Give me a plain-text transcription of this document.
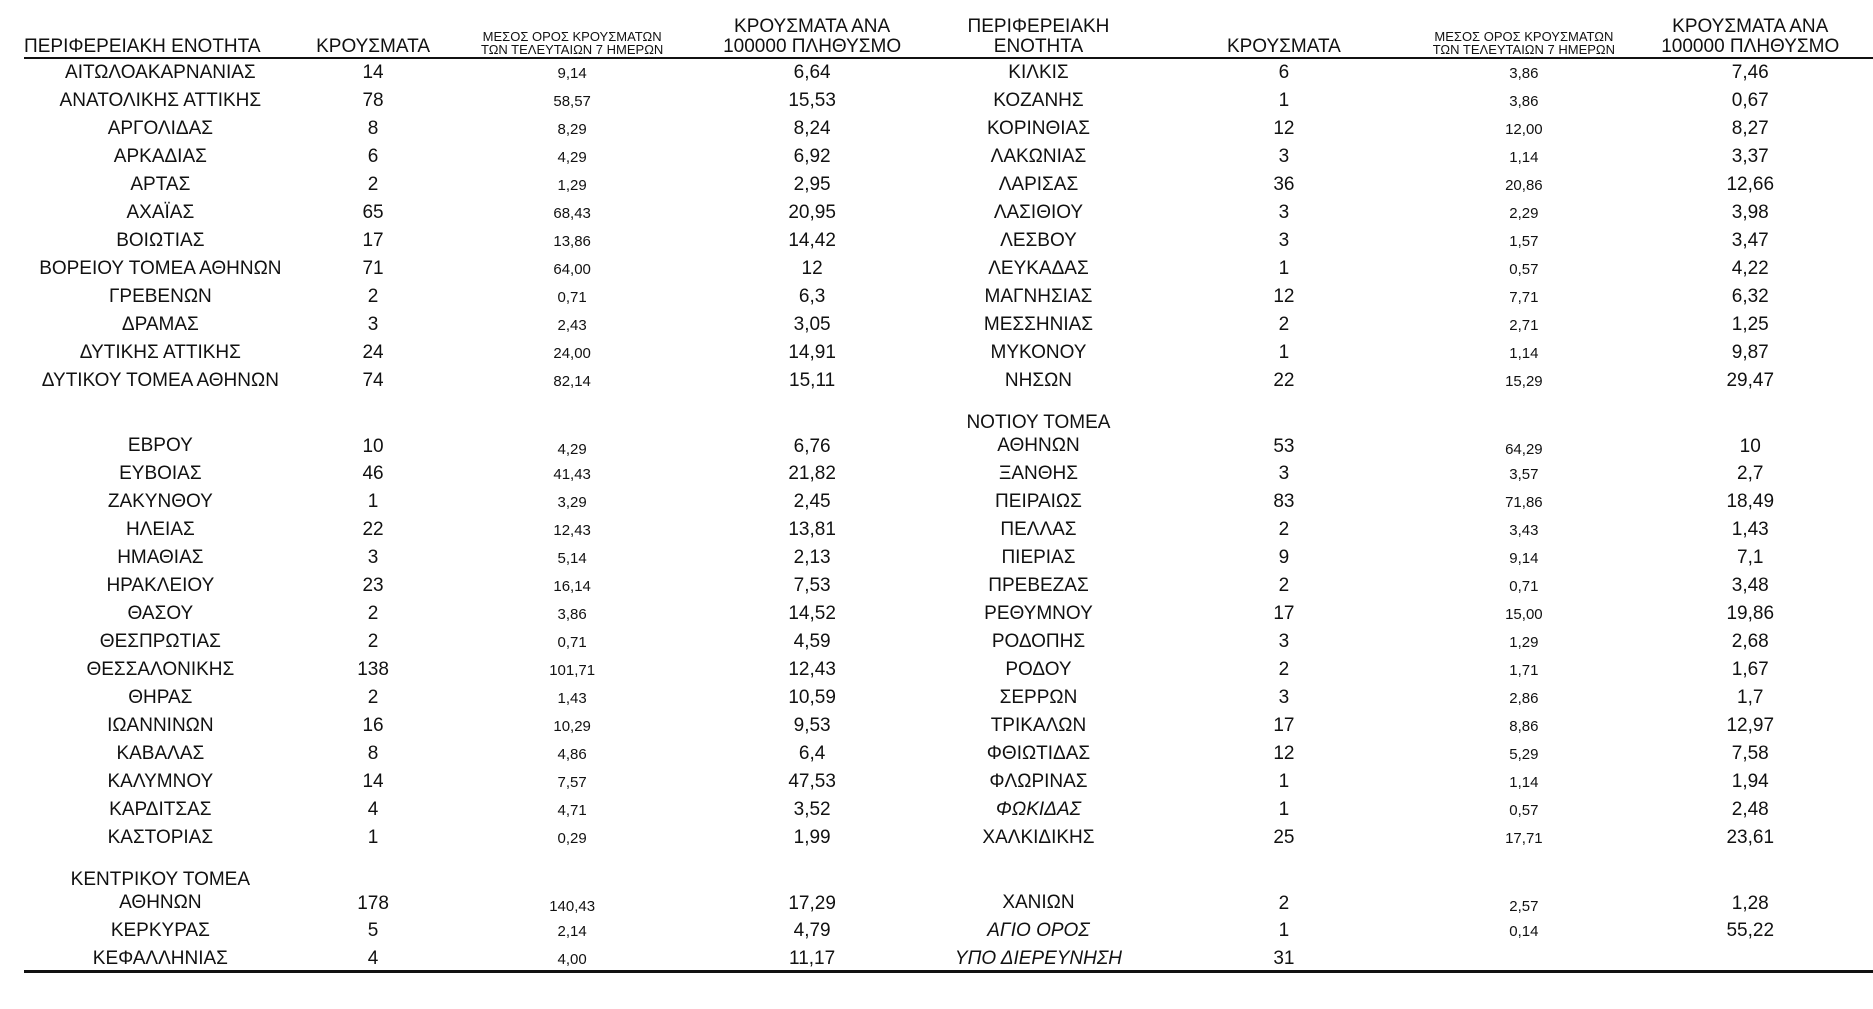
ΠΕΡΙΦΕΡΕΙΑΚΗ ΕΝΟΤΗΤΑ	ΚΡΟΥΣΜΑΤΑ	ΜΕΣΟΣ ΟΡΟΣ ΚΡΟΥΣΜΑΤΩΝ ΤΩΝ ΤΕΛΕΥΤΑΙΩΝ 7 ΗΜΕΡΩΝ	ΚΡΟΥΣΜΑΤΑ ΑΝΑ 100000 ΠΛΗΘΥΣΜΟ	ΠΕΡΙΦΕΡΕΙΑΚΗ ΕΝΟΤΗΤΑ	ΚΡΟΥΣΜΑΤΑ	ΜΕΣΟΣ ΟΡΟΣ ΚΡΟΥΣΜΑΤΩΝ ΤΩΝ ΤΕΛΕΥΤΑΙΩΝ 7 ΗΜΕΡΩΝ	ΚΡΟΥΣΜΑΤΑ ΑΝΑ 100000 ΠΛΗΘΥΣΜΟ
ΑΙΤΩΛΟΑΚΑΡΝΑΝΙΑΣ	14	9,14	6,64	ΚΙΛΚΙΣ	6	3,86	7,46
ΑΝΑΤΟΛΙΚΗΣ ΑΤΤΙΚΗΣ	78	58,57	15,53	ΚΟΖΑΝΗΣ	1	3,86	0,67
ΑΡΓΟΛΙΔΑΣ	8	8,29	8,24	ΚΟΡΙΝΘΙΑΣ	12	12,00	8,27
ΑΡΚΑΔΙΑΣ	6	4,29	6,92	ΛΑΚΩΝΙΑΣ	3	1,14	3,37
ΑΡΤΑΣ	2	1,29	2,95	ΛΑΡΙΣΑΣ	36	20,86	12,66
ΑΧΑΪΑΣ	65	68,43	20,95	ΛΑΣΙΘΙΟΥ	3	2,29	3,98
ΒΟΙΩΤΙΑΣ	17	13,86	14,42	ΛΕΣΒΟΥ	3	1,57	3,47
ΒΟΡΕΙΟΥ ΤΟΜΕΑ ΑΘΗΝΩΝ	71	64,00	12	ΛΕΥΚΑΔΑΣ	1	0,57	4,22
ΓΡΕΒΕΝΩΝ	2	0,71	6,3	ΜΑΓΝΗΣΙΑΣ	12	7,71	6,32
ΔΡΑΜΑΣ	3	2,43	3,05	ΜΕΣΣΗΝΙΑΣ	2	2,71	1,25
ΔΥΤΙΚΗΣ ΑΤΤΙΚΗΣ	24	24,00	14,91	ΜΥΚΟΝΟΥ	1	1,14	9,87
ΔΥΤΙΚΟΥ ΤΟΜΕΑ ΑΘΗΝΩΝ	74	82,14	15,11	ΝΗΣΩΝ	22	15,29	29,47
ΕΒΡΟΥ	10	4,29	6,76	ΝΟΤΙΟΥ ΤΟΜΕΑ ΑΘΗΝΩΝ	53	64,29	10
ΕΥΒΟΙΑΣ	46	41,43	21,82	ΞΑΝΘΗΣ	3	3,57	2,7
ΖΑΚΥΝΘΟΥ	1	3,29	2,45	ΠΕΙΡΑΙΩΣ	83	71,86	18,49
ΗΛΕΙΑΣ	22	12,43	13,81	ΠΕΛΛΑΣ	2	3,43	1,43
ΗΜΑΘΙΑΣ	3	5,14	2,13	ΠΙΕΡΙΑΣ	9	9,14	7,1
ΗΡΑΚΛΕΙΟΥ	23	16,14	7,53	ΠΡΕΒΕΖΑΣ	2	0,71	3,48
ΘΑΣΟΥ	2	3,86	14,52	ΡΕΘΥΜΝΟΥ	17	15,00	19,86
ΘΕΣΠΡΩΤΙΑΣ	2	0,71	4,59	ΡΟΔΟΠΗΣ	3	1,29	2,68
ΘΕΣΣΑΛΟΝΙΚΗΣ	138	101,71	12,43	ΡΟΔΟΥ	2	1,71	1,67
ΘΗΡΑΣ	2	1,43	10,59	ΣΕΡΡΩΝ	3	2,86	1,7
ΙΩΑΝΝΙΝΩΝ	16	10,29	9,53	ΤΡΙΚΑΛΩΝ	17	8,86	12,97
ΚΑΒΑΛΑΣ	8	4,86	6,4	ΦΘΙΩΤΙΔΑΣ	12	5,29	7,58
ΚΑΛΥΜΝΟΥ	14	7,57	47,53	ΦΛΩΡΙΝΑΣ	1	1,14	1,94
ΚΑΡΔΙΤΣΑΣ	4	4,71	3,52	ΦΩΚΙΔΑΣ	1	0,57	2,48
ΚΑΣΤΟΡΙΑΣ	1	0,29	1,99	ΧΑΛΚΙΔΙΚΗΣ	25	17,71	23,61
ΚΕΝΤΡΙΚΟΥ ΤΟΜΕΑ ΑΘΗΝΩΝ	178	140,43	17,29	ΧΑΝΙΩΝ	2	2,57	1,28
ΚΕΡΚΥΡΑΣ	5	2,14	4,79	ΑΓΙΟ ΟΡΟΣ	1	0,14	55,22
ΚΕΦΑΛΛΗΝΙΑΣ	4	4,00	11,17	ΥΠΟ ΔΙΕΡΕΥΝΗΣΗ	31		
